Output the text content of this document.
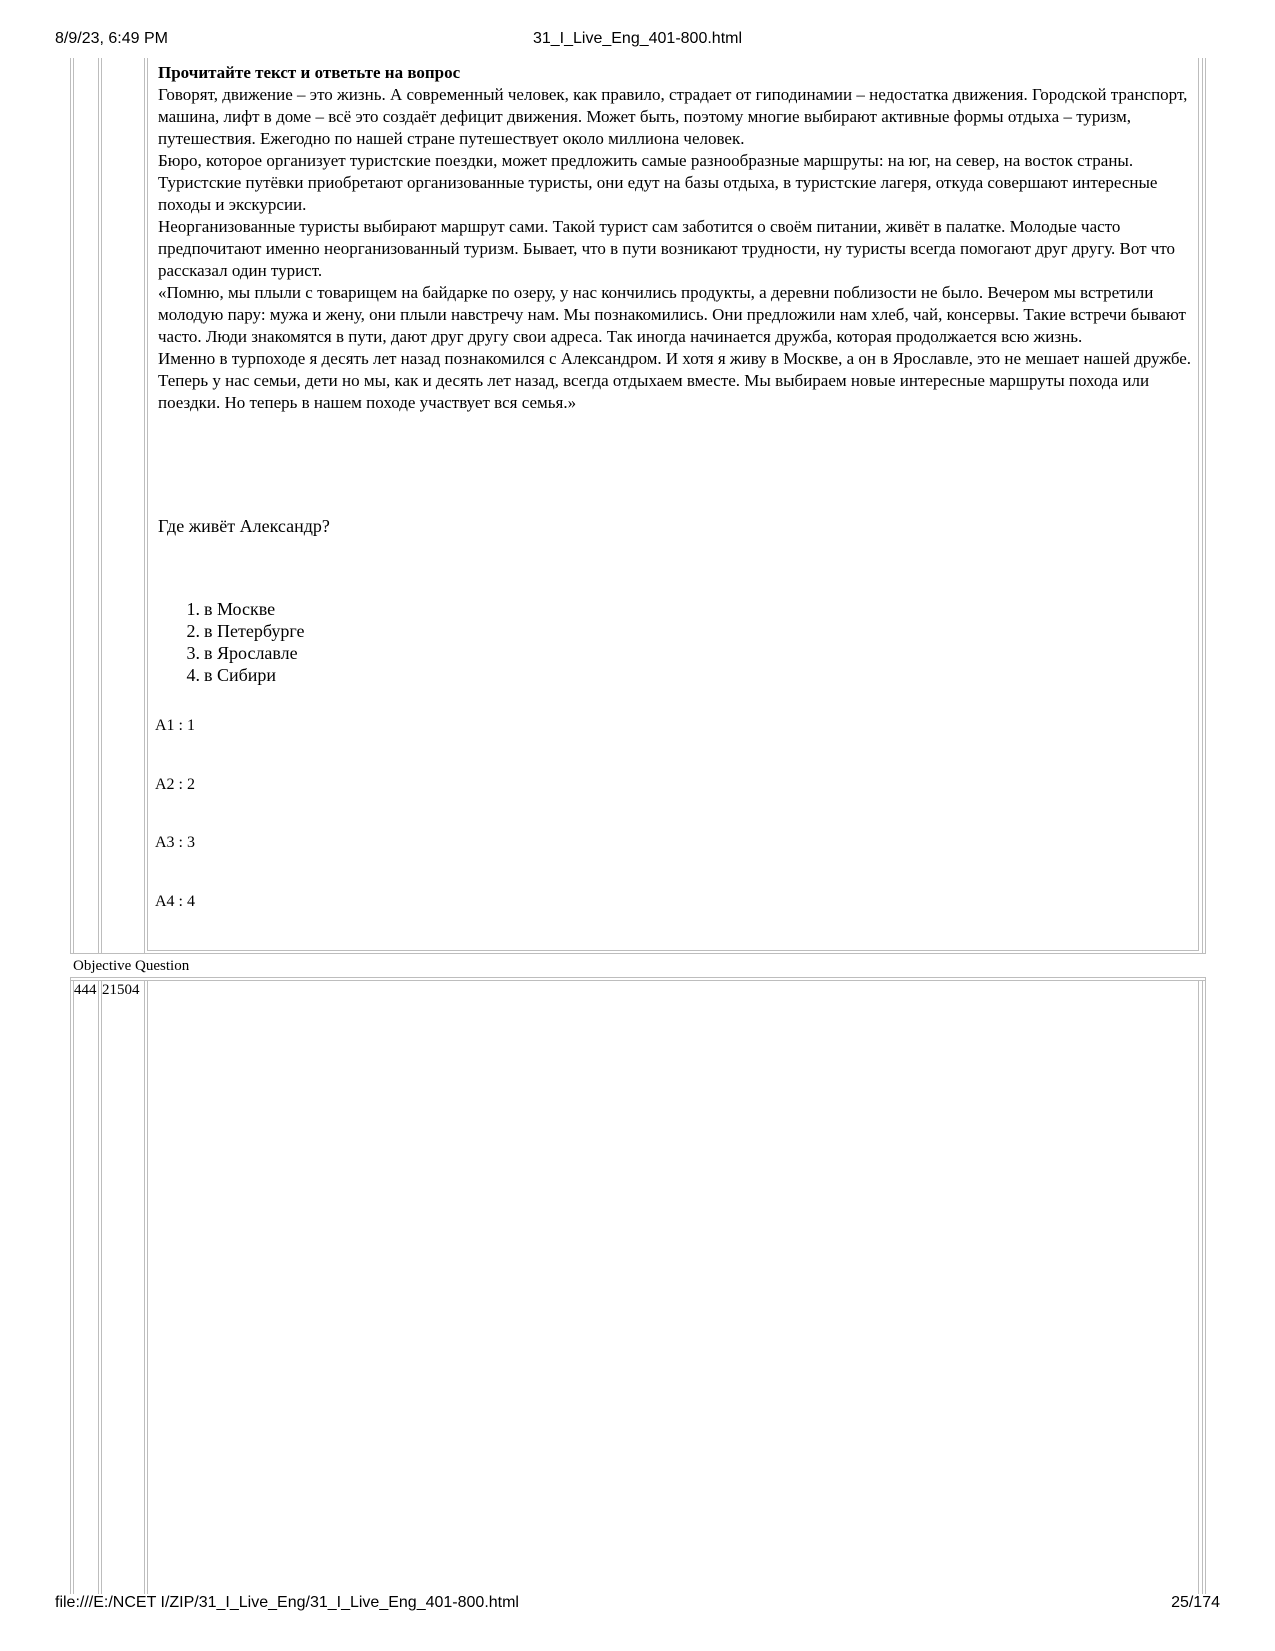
8/9/23, 6:49 PM	31_I_Live_Eng_401-800.html

Прочитайте текст и ответьте на вопрос

Говорят, движение – это жизнь. А современный человек, как правило, страдает от гиподинамии – недостатка движения. Городской транспорт, машина, лифт в доме – всё это создаёт дефицит движения. Может быть, поэтому многие выбирают активные формы отдыха – туризм, путешествия. Ежегодно по нашей стране путешествует около миллиона человек.

Бюро, которое организует туристские поездки, может предложить самые разнообразные маршруты: на юг, на север, на восток страны. Туристские путёвки приобретают организованные туристы, они едут на базы отдыха, в туристские лагеря, откуда совершают интересные походы и экскурсии.

Неорганизованные туристы выбирают маршрут сами. Такой турист сам заботится о своём питании, живёт в палатке. Молодые часто предпочитают именно неорганизованный туризм. Бывает, что в пути возникают трудности, ну туристы всегда помогают друг другу. Вот что рассказал один турист.

«Помню, мы плыли с товарищем на байдарке по озеру, у нас кончились продукты, а деревни поблизости не было. Вечером мы встретили молодую пару: мужа и жену, они плыли навстречу нам. Мы познакомились. Они предложили нам хлеб, чай, консервы. Такие встречи бывают часто. Люди знакомятся в пути, дают друг другу свои адреса. Так иногда начинается дружба, которая продолжается всю жизнь.

Именно в турпоходе я десять лет назад познакомился с Александром. И хотя я живу в Москве, а он в Ярославле, это не мешает нашей дружбе. Теперь у нас семьи, дети но мы, как и десять лет назад, всегда отдыхаем вместе. Мы выбираем новые интересные маршруты похода или поездки. Но теперь в нашем походе участвует вся семья.»

Где живёт Александр?
1. в Москве
2. в Петербурге
3. в Ярославле
4. в Сибири
A1 : 1
A2 : 2
A3 : 3
A4 : 4
Objective Question
444 21504
file:///E:/NCET I/ZIP/31_I_Live_Eng/31_I_Live_Eng_401-800.html	25/174
